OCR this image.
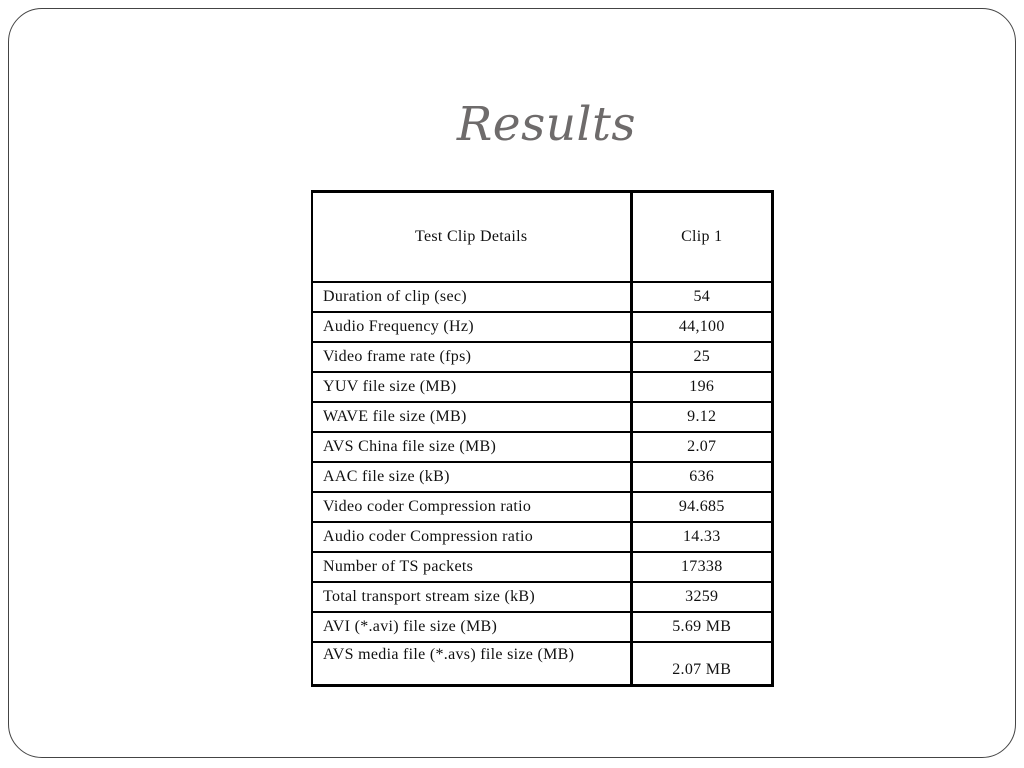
Results
Test Clip Details	Clip 1
Duration of clip (sec)	54
Audio Frequency (Hz)	44,100
Video frame rate (fps)	25
YUV file size (MB)	196
WAVE file size (MB)	9.12
AVS China file size (MB)	2.07
AAC file size (kB)	636
Video coder Compression ratio	94.685
Audio coder Compression ratio	14.33
Number of TS packets	17338
Total transport stream size (kB)	3259
AVI (*.avi) file size (MB)	5.69 MB
AVS media file (*.avs) file size (MB)	2.07 MB
